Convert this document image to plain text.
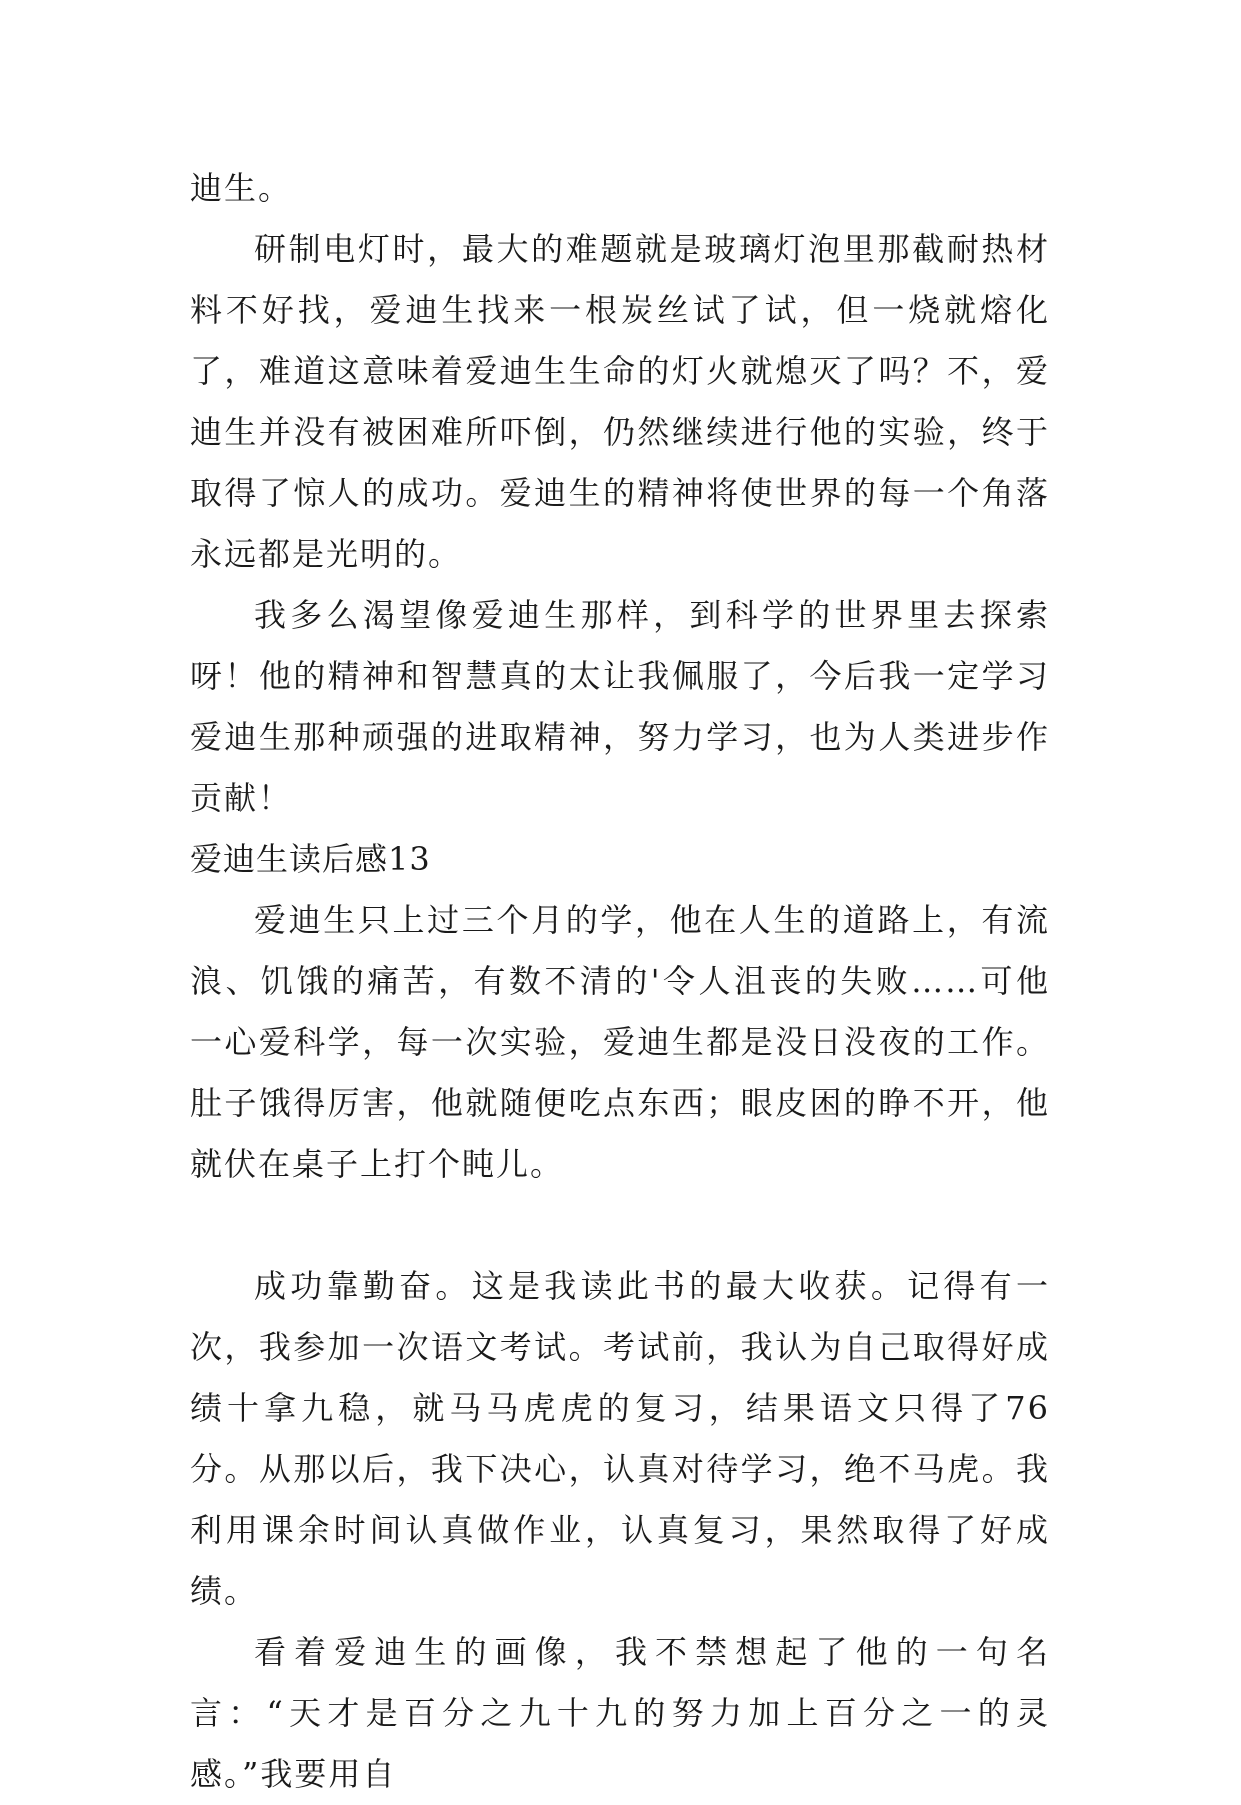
迪生。

研制电灯时，最大的难题就是玻璃灯泡里那截耐热材料不好找，爱迪生找来一根炭丝试了试，但一烧就熔化了，难道这意味着爱迪生生命的灯火就熄灭了吗？不，爱迪生并没有被困难所吓倒，仍然继续进行他的实验，终于取得了惊人的成功。爱迪生的精神将使世界的每一个角落永远都是光明的。

我多么渴望像爱迪生那样，到科学的世界里去探索呀！他的精神和智慧真的太让我佩服了，今后我一定学习爱迪生那种顽强的进取精神，努力学习，也为人类进步作贡献！

爱迪生读后感13

爱迪生只上过三个月的学，他在人生的道路上，有流浪、饥饿的痛苦，有数不清的'令人沮丧的失败……可他一心爱科学，每一次实验，爱迪生都是没日没夜的工作。肚子饿得厉害，他就随便吃点东西；眼皮困的睁不开，他就伏在桌子上打个盹儿。

成功靠勤奋。这是我读此书的最大收获。记得有一次，我参加一次语文考试。考试前，我认为自己取得好成绩十拿九稳，就马马虎虎的复习，结果语文只得了76分。从那以后，我下决心，认真对待学习，绝不马虎。我利用课余时间认真做作业，认真复习，果然取得了好成绩。

看着爱迪生的画像，我不禁想起了他的一句名言：“天才是百分之九十九的努力加上百分之一的灵感。”我要用自
